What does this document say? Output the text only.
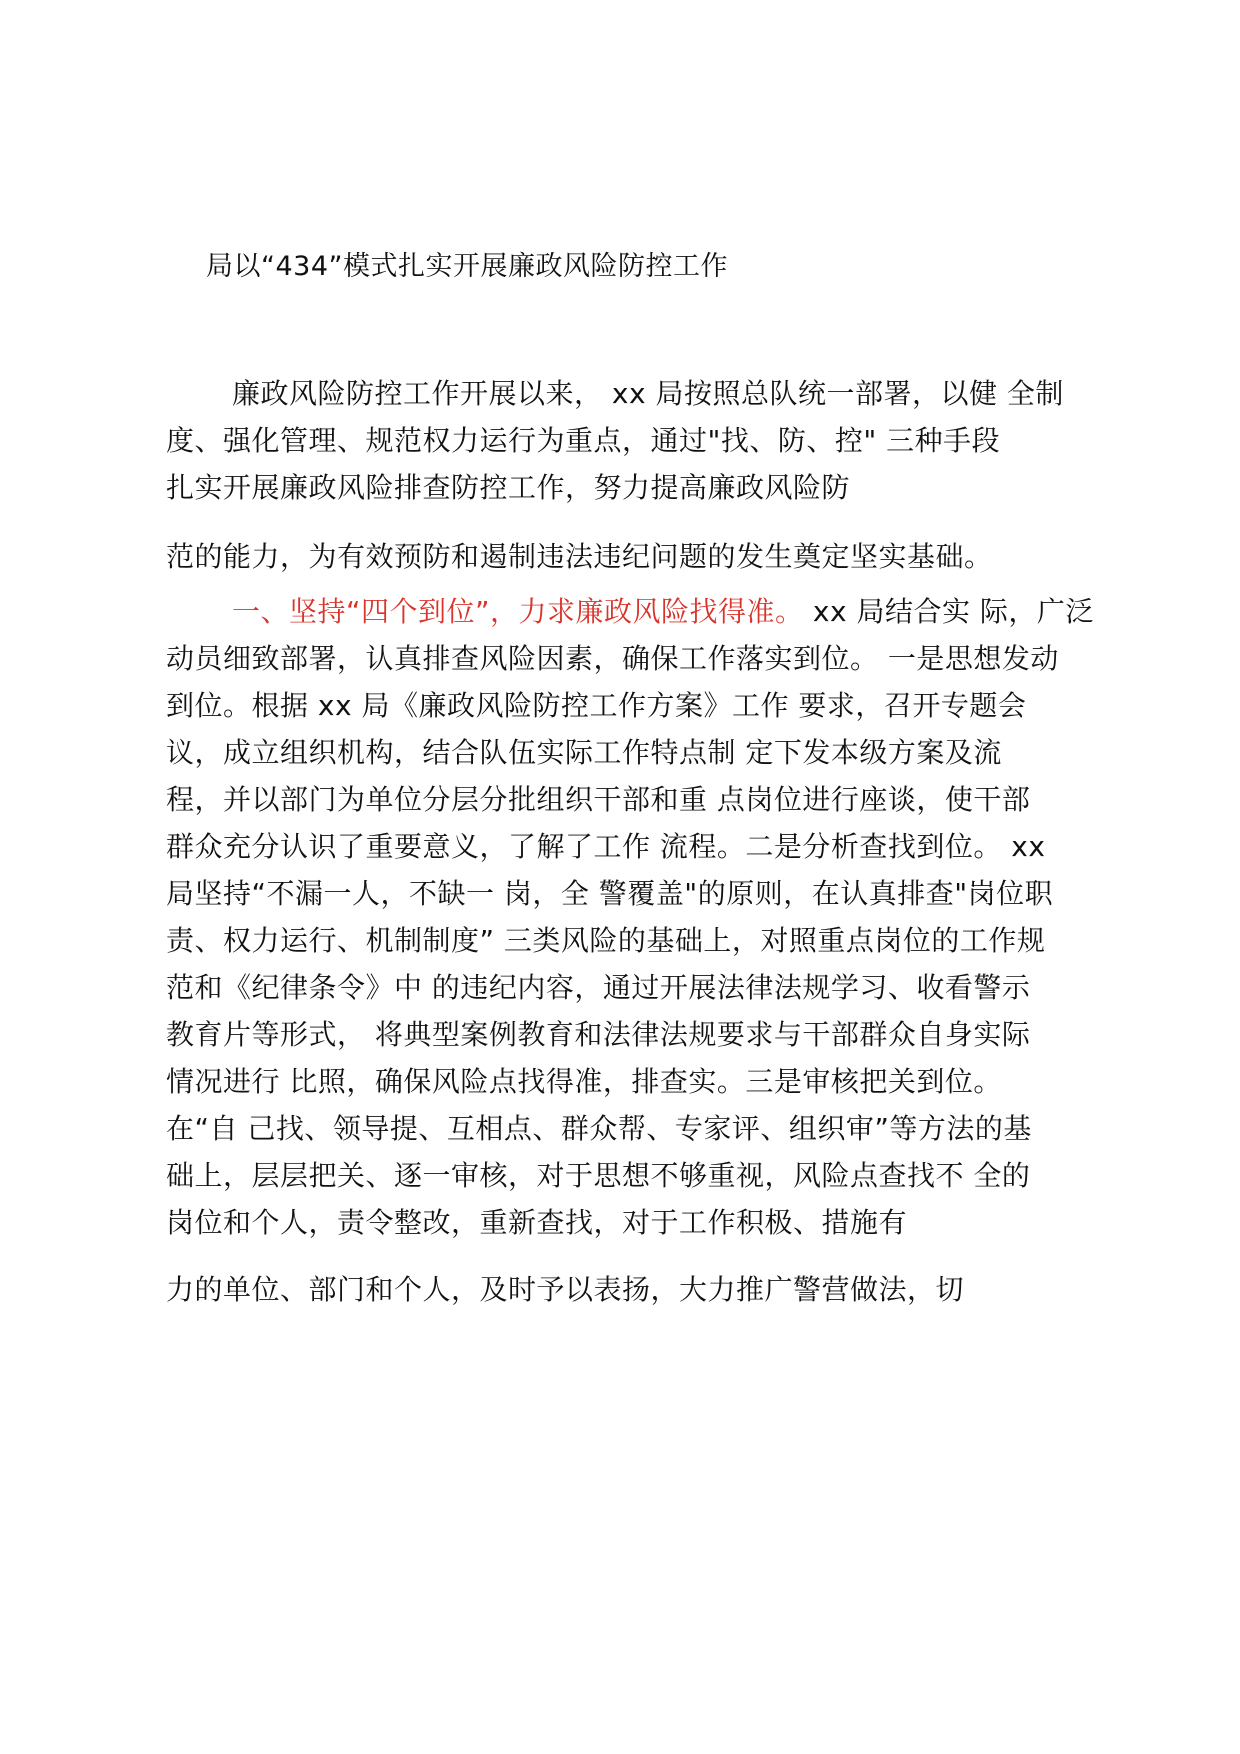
局以“434”模式扎实开展廉政风险防控工作
廉政风险防控工作开展以来， xx 局按照总队统一部署，以健 全制
度、强化管理、规范权力运行为重点，通过"找、防、控" 三种手段
扎实开展廉政风险排查防控工作，努力提高廉政风险防
范的能力，为有效预防和遏制违法违纪问题的发生奠定坚实基础。
一、坚持“四个到位”，力求廉政风险找得准。 xx 局结合实 际，广泛
动员细致部署，认真排查风险因素，确保工作落实到位。 一是思想发动
到位。根据 xx 局《廉政风险防控工作方案》工作 要求，召开专题会
议，成立组织机构，结合队伍实际工作特点制 定下发本级方案及流
程，并以部门为单位分层分批组织干部和重 点岗位进行座谈，使干部
群众充分认识了重要意义，了解了工作 流程。二是分析查找到位。 xx
局坚持“不漏一人，不缺一 岗，全 警覆盖"的原则，在认真排查"岗位职
责、权力运行、机制制度” 三类风险的基础上，对照重点岗位的工作规
范和《纪律条令》中 的违纪内容，通过开展法律法规学习、收看警示
教育片等形式， 将典型案例教育和法律法规要求与干部群众自身实际
情况进行 比照，确保风险点找得准，排查实。三是审核把关到位。
在“自 己找、领导提、互相点、群众帮、专家评、组织审”等方法的基
础上，层层把关、逐一审核，对于思想不够重视，风险点查找不 全的
岗位和个人，责令整改，重新查找，对于工作积极、措施有
力的单位、部门和个人，及时予以表扬，大力推广警营做法，切
